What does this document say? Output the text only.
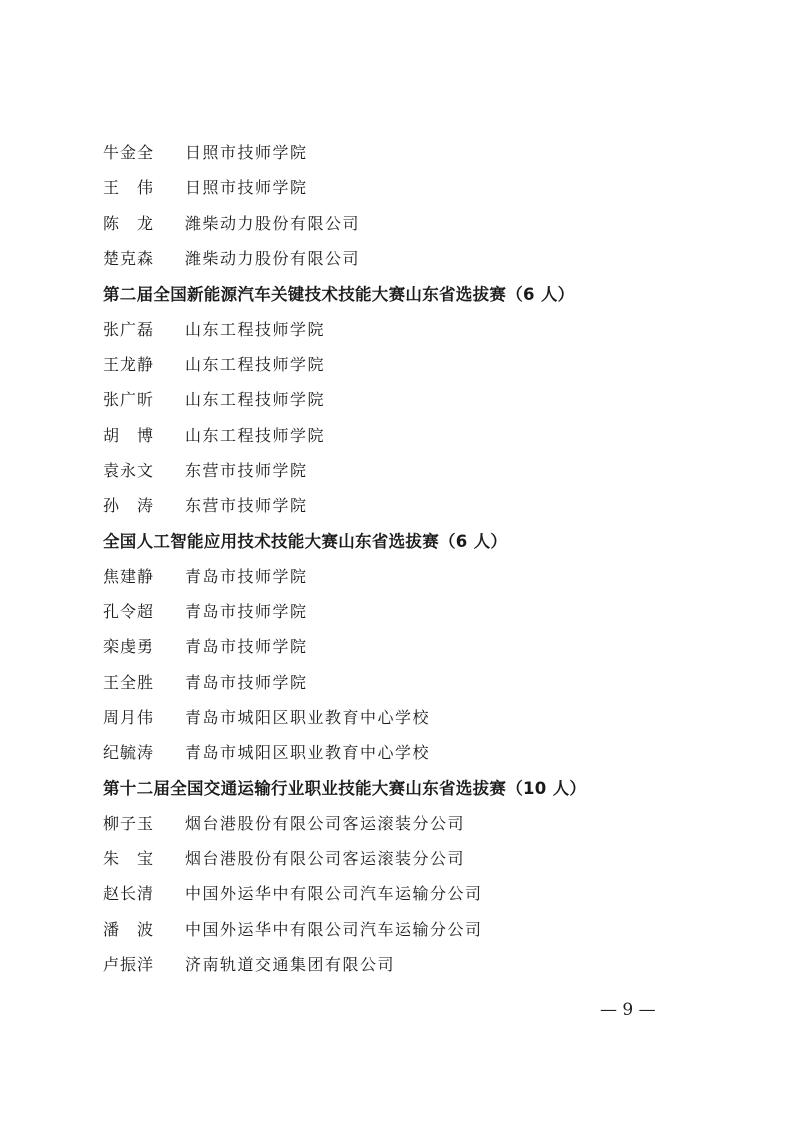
牛金全	日照市技师学院
王　伟	日照市技师学院
陈　龙	潍柴动力股份有限公司
楚克森	潍柴动力股份有限公司
第二届全国新能源汽车关键技术技能大赛山东省选拔赛（6 人）
张广磊	山东工程技师学院
王龙静	山东工程技师学院
张广昕	山东工程技师学院
胡　博	山东工程技师学院
袁永文	东营市技师学院
孙　涛	东营市技师学院
全国人工智能应用技术技能大赛山东省选拔赛（6 人）
焦建静	青岛市技师学院
孔令超	青岛市技师学院
栾虔勇	青岛市技师学院
王全胜	青岛市技师学院
周月伟	青岛市城阳区职业教育中心学校
纪毓涛	青岛市城阳区职业教育中心学校
第十二届全国交通运输行业职业技能大赛山东省选拔赛（10 人）
柳子玉	烟台港股份有限公司客运滚装分公司
朱　宝	烟台港股份有限公司客运滚装分公司
赵长清	中国外运华中有限公司汽车运输分公司
潘　波	中国外运华中有限公司汽车运输分公司
卢振洋	济南轨道交通集团有限公司
— 9 —
